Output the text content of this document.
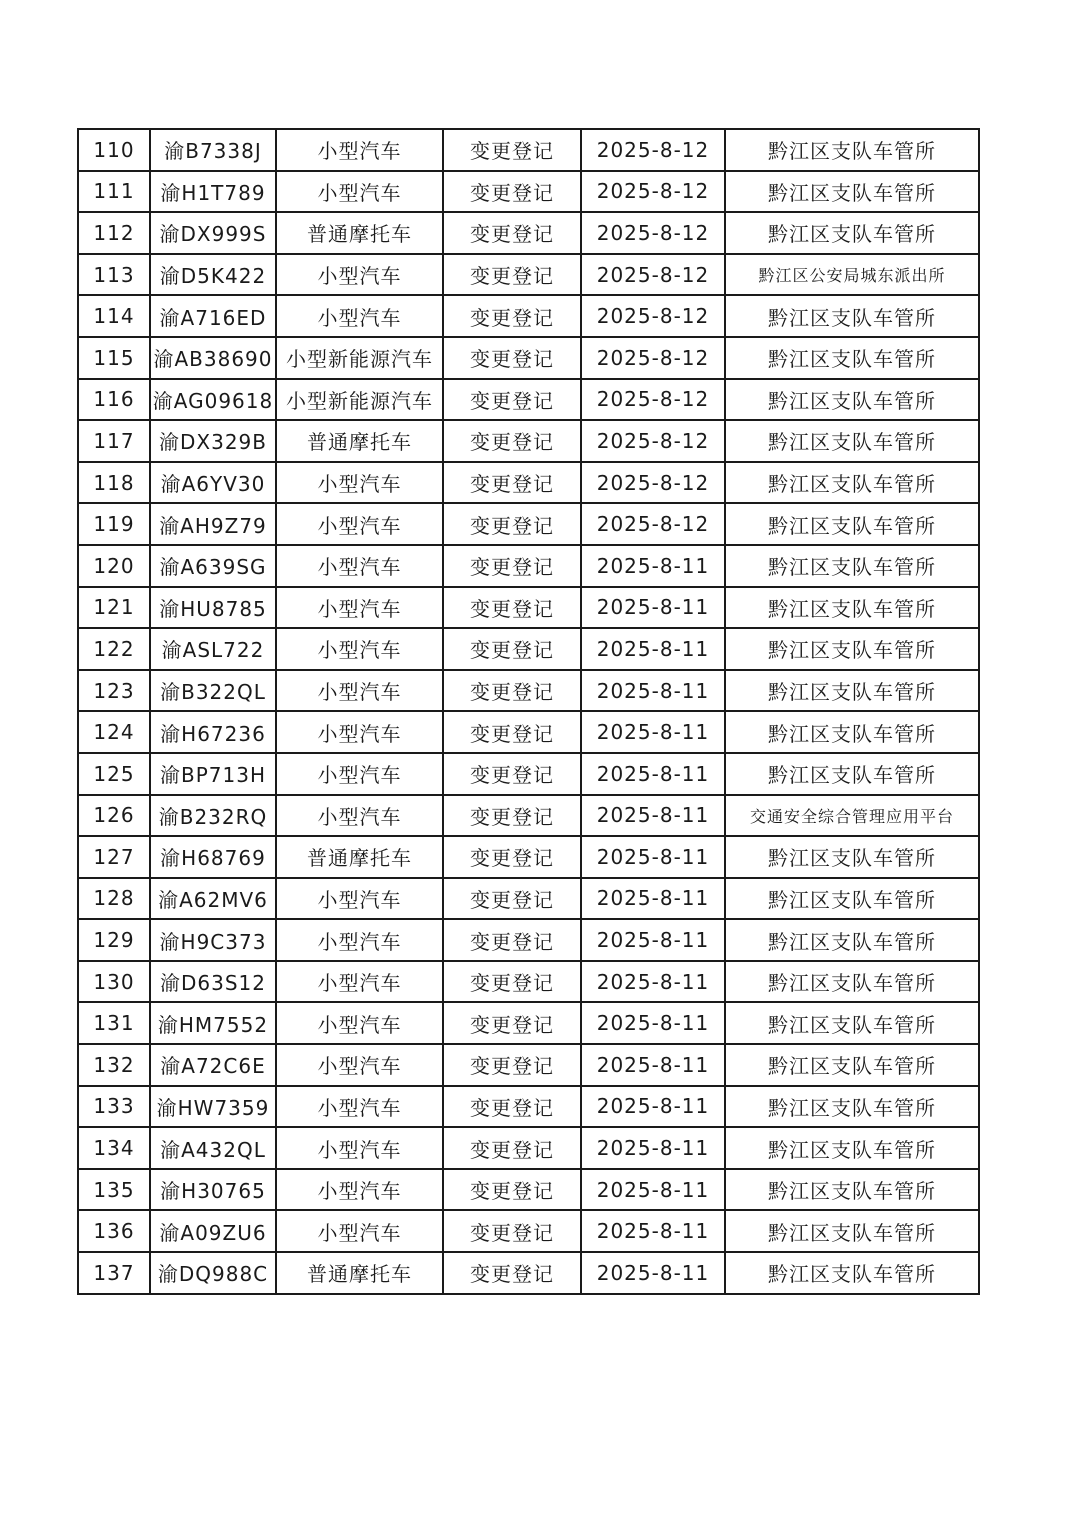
110	渝B7338J	小型汽车	变更登记	2025-8-12	黔江区支队车管所
111	渝H1T789	小型汽车	变更登记	2025-8-12	黔江区支队车管所
112	渝DX999S	普通摩托车	变更登记	2025-8-12	黔江区支队车管所
113	渝D5K422	小型汽车	变更登记	2025-8-12	黔江区公安局城东派出所
114	渝A716ED	小型汽车	变更登记	2025-8-12	黔江区支队车管所
115	渝AB38690	小型新能源汽车	变更登记	2025-8-12	黔江区支队车管所
116	渝AG09618	小型新能源汽车	变更登记	2025-8-12	黔江区支队车管所
117	渝DX329B	普通摩托车	变更登记	2025-8-12	黔江区支队车管所
118	渝A6YV30	小型汽车	变更登记	2025-8-12	黔江区支队车管所
119	渝AH9Z79	小型汽车	变更登记	2025-8-12	黔江区支队车管所
120	渝A639SG	小型汽车	变更登记	2025-8-11	黔江区支队车管所
121	渝HU8785	小型汽车	变更登记	2025-8-11	黔江区支队车管所
122	渝ASL722	小型汽车	变更登记	2025-8-11	黔江区支队车管所
123	渝B322QL	小型汽车	变更登记	2025-8-11	黔江区支队车管所
124	渝H67236	小型汽车	变更登记	2025-8-11	黔江区支队车管所
125	渝BP713H	小型汽车	变更登记	2025-8-11	黔江区支队车管所
126	渝B232RQ	小型汽车	变更登记	2025-8-11	交通安全综合管理应用平台
127	渝H68769	普通摩托车	变更登记	2025-8-11	黔江区支队车管所
128	渝A62MV6	小型汽车	变更登记	2025-8-11	黔江区支队车管所
129	渝H9C373	小型汽车	变更登记	2025-8-11	黔江区支队车管所
130	渝D63S12	小型汽车	变更登记	2025-8-11	黔江区支队车管所
131	渝HM7552	小型汽车	变更登记	2025-8-11	黔江区支队车管所
132	渝A72C6E	小型汽车	变更登记	2025-8-11	黔江区支队车管所
133	渝HW7359	小型汽车	变更登记	2025-8-11	黔江区支队车管所
134	渝A432QL	小型汽车	变更登记	2025-8-11	黔江区支队车管所
135	渝H30765	小型汽车	变更登记	2025-8-11	黔江区支队车管所
136	渝A09ZU6	小型汽车	变更登记	2025-8-11	黔江区支队车管所
137	渝DQ988C	普通摩托车	变更登记	2025-8-11	黔江区支队车管所
